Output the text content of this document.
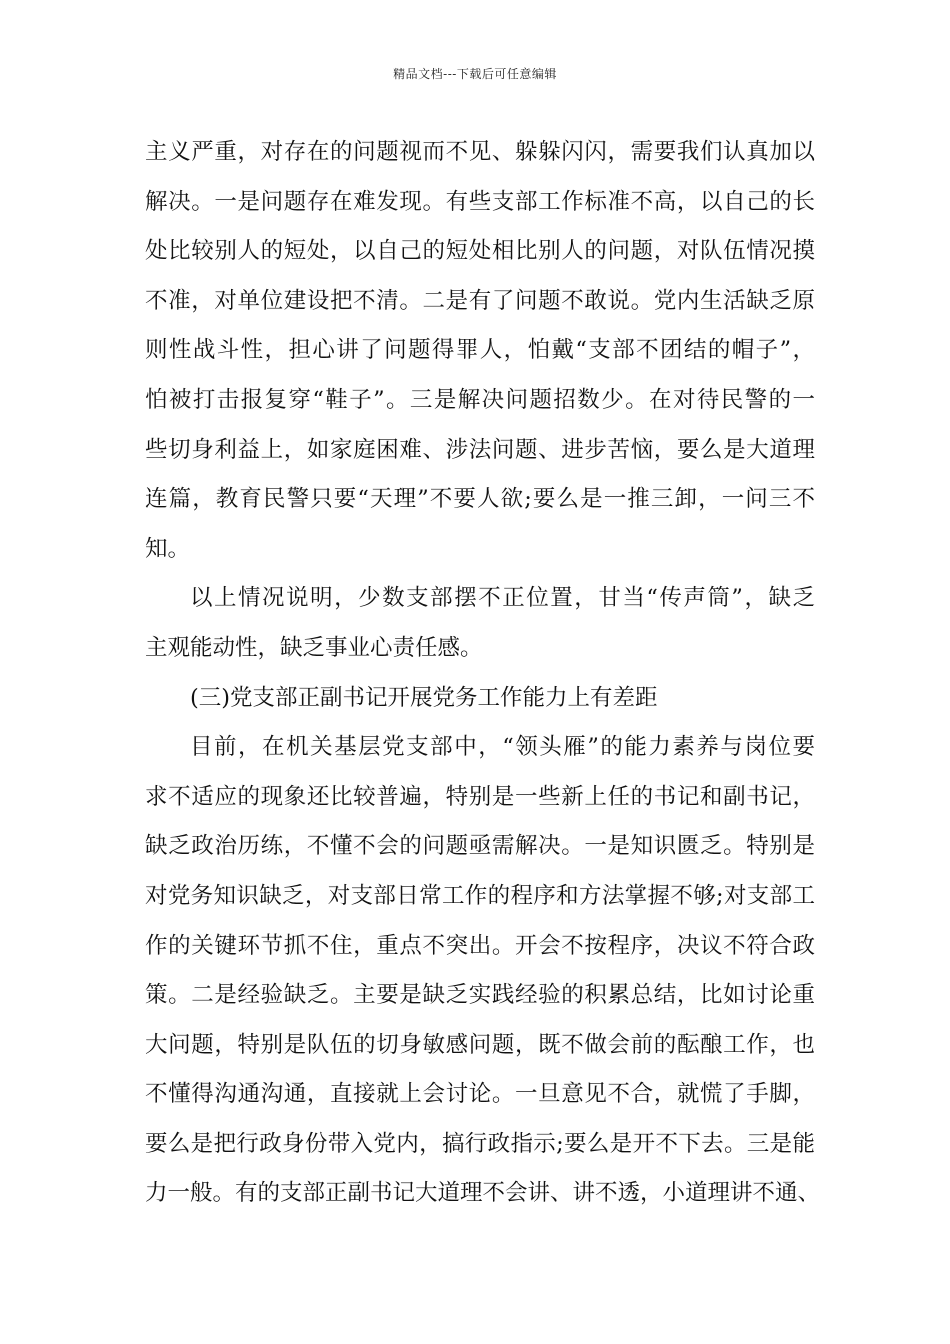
精品文档---下载后可任意编辑
主义严重，对存在的问题视而不见、躲躲闪闪，需要我们认真加以
解决。一是问题存在难发现。有些支部工作标准不高，以自己的长
处比较别人的短处，以自己的短处相比别人的问题，对队伍情况摸
不准，对单位建设把不清。二是有了问题不敢说。党内生活缺乏原
则性战斗性，担心讲了问题得罪人，怕戴“支部不团结的帽子”，
怕被打击报复穿“鞋子”。三是解决问题招数少。在对待民警的一
些切身利益上，如家庭困难、涉法问题、进步苦恼，要么是大道理
连篇，教育民警只要“天理”不要人欲;要么是一推三卸，一问三不
知。
以上情况说明，少数支部摆不正位置，甘当“传声筒”，缺乏
主观能动性，缺乏事业心责任感。
(三)党支部正副书记开展党务工作能力上有差距
目前，在机关基层党支部中，“领头雁”的能力素养与岗位要
求不适应的现象还比较普遍，特别是一些新上任的书记和副书记，
缺乏政治历练，不懂不会的问题亟需解决。一是知识匮乏。特别是
对党务知识缺乏，对支部日常工作的程序和方法掌握不够;对支部工
作的关键环节抓不住，重点不突出。开会不按程序，决议不符合政
策。二是经验缺乏。主要是缺乏实践经验的积累总结，比如讨论重
大问题，特别是队伍的切身敏感问题，既不做会前的酝酿工作，也
不懂得沟通沟通，直接就上会讨论。一旦意见不合，就慌了手脚，
要么是把行政身份带入党内，搞行政指示;要么是开不下去。三是能
力一般。有的支部正副书记大道理不会讲、讲不透，小道理讲不通、
